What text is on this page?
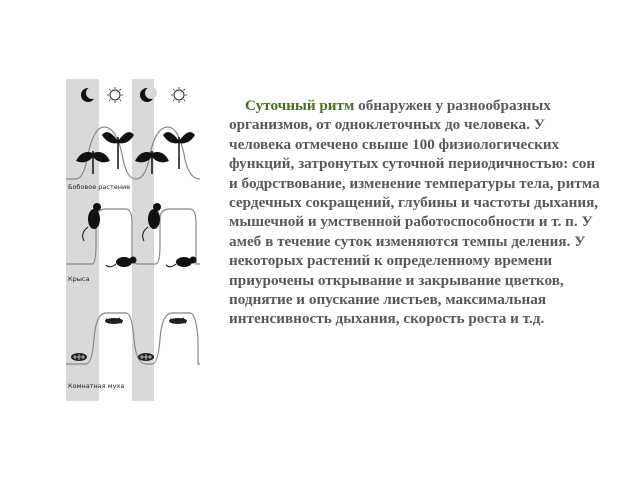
Бобовое растение
Крыса
Комнатная муха
Суточный ритм обнаружен у разнообразных организмов, от одноклеточных до человека. У человека отмечено свыше 100 физиологических функций, затронутых суточной периодичностью: сон и бодрствование, изменение температуры тела, ритма сердечных сокращений, глубины и частоты дыхания, мышечной и умственной работоспособности и т. п. У амеб в течение суток изменяются темпы деления. У некоторых растений к определенному времени приурочены открывание и закрывание цветков, поднятие и опускание листьев, максимальная интенсивность дыхания, скорость роста и т.д.
